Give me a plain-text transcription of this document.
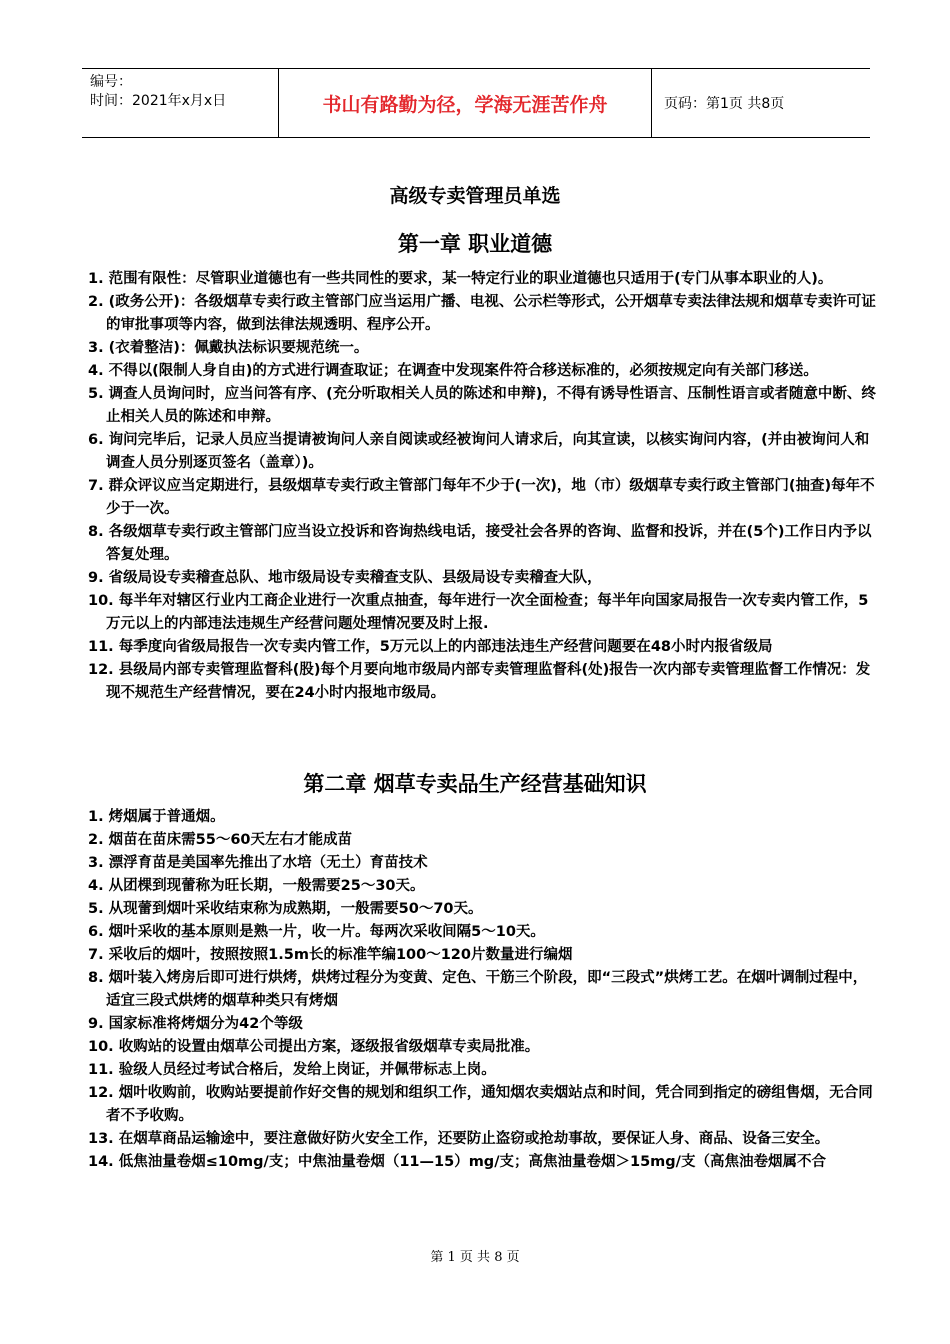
编号：
时间：2021年x月x日	书山有路勤为径，学海无涯苦作舟	页码：第1页 共8页
高级专卖管理员单选
第一章 职业道德
1. 范围有限性：尽管职业道德也有一些共同性的要求，某一特定行业的职业道德也只适用于(专门从事本职业的人)。
2. (政务公开)：各级烟草专卖行政主管部门应当运用广播、电视、公示栏等形式，公开烟草专卖法律法规和烟草专卖许可证的审批事项等内容，做到法律法规透明、程序公开。
3. (衣着整洁)：佩戴执法标识要规范统一。
4. 不得以(限制人身自由)的方式进行调查取证；在调查中发现案件符合移送标准的，必须按规定向有关部门移送。
5. 调查人员询问时，应当问答有序、(充分听取相关人员的陈述和申辩)，不得有诱导性语言、压制性语言或者随意中断、终止相关人员的陈述和申辩。
6. 询问完毕后，记录人员应当提请被询问人亲自阅读或经被询问人请求后，向其宣读，以核实询问内容，(并由被询问人和调查人员分别逐页签名（盖章）)。
7. 群众评议应当定期进行，县级烟草专卖行政主管部门每年不少于(一次)，地（市）级烟草专卖行政主管部门(抽查)每年不少于一次。
8. 各级烟草专卖行政主管部门应当设立投诉和咨询热线电话，接受社会各界的咨询、监督和投诉，并在(5个)工作日内予以答复处理。
9. 省级局设专卖稽查总队、地市级局设专卖稽查支队、县级局设专卖稽查大队，
10. 每半年对辖区行业内工商企业进行一次重点抽查，每年进行一次全面检查；每半年向国家局报告一次专卖内管工作，5万元以上的内部违法违规生产经营问题处理情况要及时上报.
11. 每季度向省级局报告一次专卖内管工作，5万元以上的内部违法违生产经营问题要在48小时内报省级局
12. 县级局内部专卖管理监督科(股)每个月要向地市级局内部专卖管理监督科(处)报告一次内部专卖管理监督工作情况：发现不规范生产经营情况，要在24小时内报地市级局。
第二章 烟草专卖品生产经营基础知识
1. 烤烟属于普通烟。
2. 烟苗在苗床需55～60天左右才能成苗
3. 漂浮育苗是美国率先推出了水培（无土）育苗技术
4. 从团棵到现蕾称为旺长期，一般需要25～30天。
5. 从现蕾到烟叶采收结束称为成熟期，一般需要50～70天。
6. 烟叶采收的基本原则是熟一片，收一片。每两次采收间隔5～10天。
7. 采收后的烟叶，按照按照1.5m长的标准竿编100～120片数量进行编烟
8. 烟叶装入烤房后即可进行烘烤，烘烤过程分为变黄、定色、干筋三个阶段，即“三段式”烘烤工艺。在烟叶调制过程中，适宜三段式烘烤的烟草种类只有烤烟
9. 国家标准将烤烟分为42个等级
10. 收购站的设置由烟草公司提出方案，逐级报省级烟草专卖局批准。
11. 验级人员经过考试合格后，发给上岗证，并佩带标志上岗。
12. 烟叶收购前，收购站要提前作好交售的规划和组织工作，通知烟农卖烟站点和时间，凭合同到指定的磅组售烟，无合同者不予收购。
13. 在烟草商品运输途中，要注意做好防火安全工作，还要防止盗窃或抢劫事故，要保证人身、商品、设备三安全。
14. 低焦油量卷烟≤10mg/支；中焦油量卷烟（11—15）mg/支；高焦油量卷烟＞15mg/支（高焦油卷烟属不合
第 1 页 共 8 页
